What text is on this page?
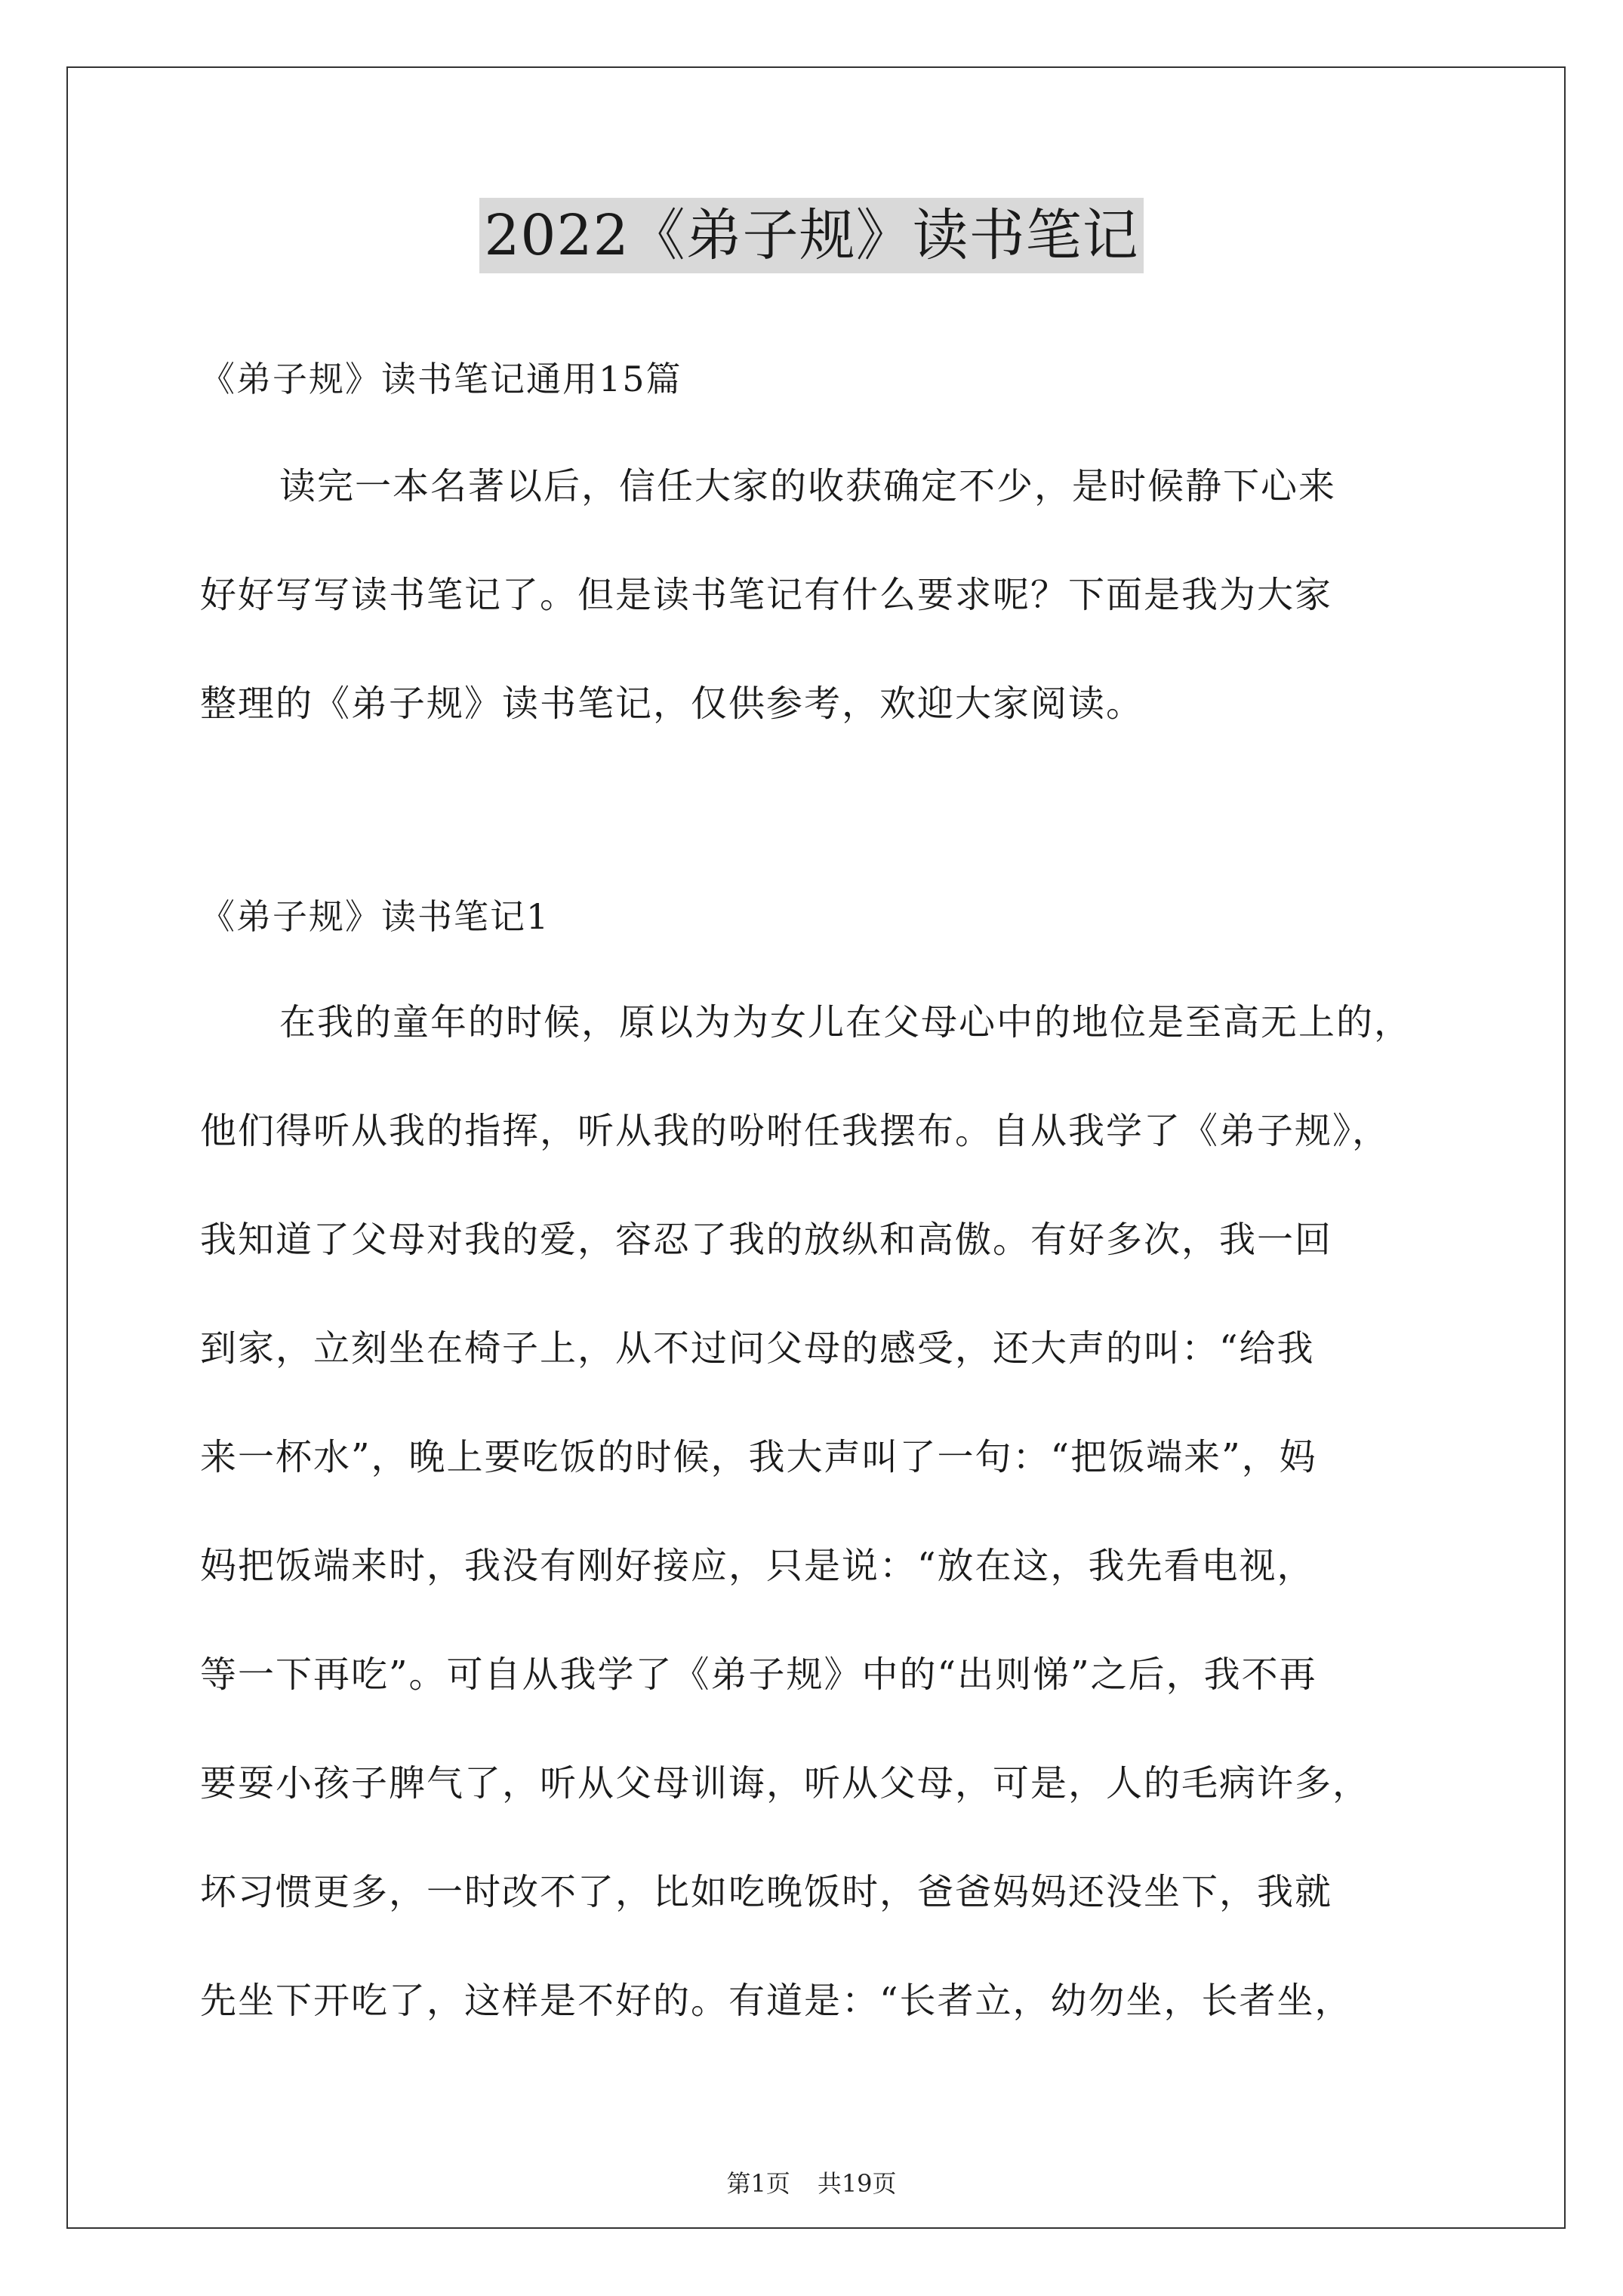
2022《弟子规》读书笔记
《弟子规》读书笔记通用15篇
读完一本名著以后，信任大家的收获确定不少，是时候静下心来
好好写写读书笔记了。但是读书笔记有什么要求呢？下面是我为大家
整理的《弟子规》读书笔记，仅供参考，欢迎大家阅读。
《弟子规》读书笔记1
在我的童年的时候，原以为为女儿在父母心中的地位是至高无上的，
他们得听从我的指挥，听从我的吩咐任我摆布。自从我学了《弟子规》，
我知道了父母对我的爱，容忍了我的放纵和高傲。有好多次，我一回
到家，立刻坐在椅子上，从不过问父母的感受，还大声的叫：“给我
来一杯水”，晚上要吃饭的时候，我大声叫了一句：“把饭端来”，妈
妈把饭端来时，我没有刚好接应，只是说：“放在这，我先看电视，
等一下再吃”。可自从我学了《弟子规》中的“出则悌”之后，我不再
要耍小孩子脾气了，听从父母训诲，听从父母，可是，人的毛病许多，
坏习惯更多，一时改不了，比如吃晚饭时，爸爸妈妈还没坐下，我就
先坐下开吃了，这样是不好的。有道是：“长者立，幼勿坐，长者坐，
第1页 共19页
